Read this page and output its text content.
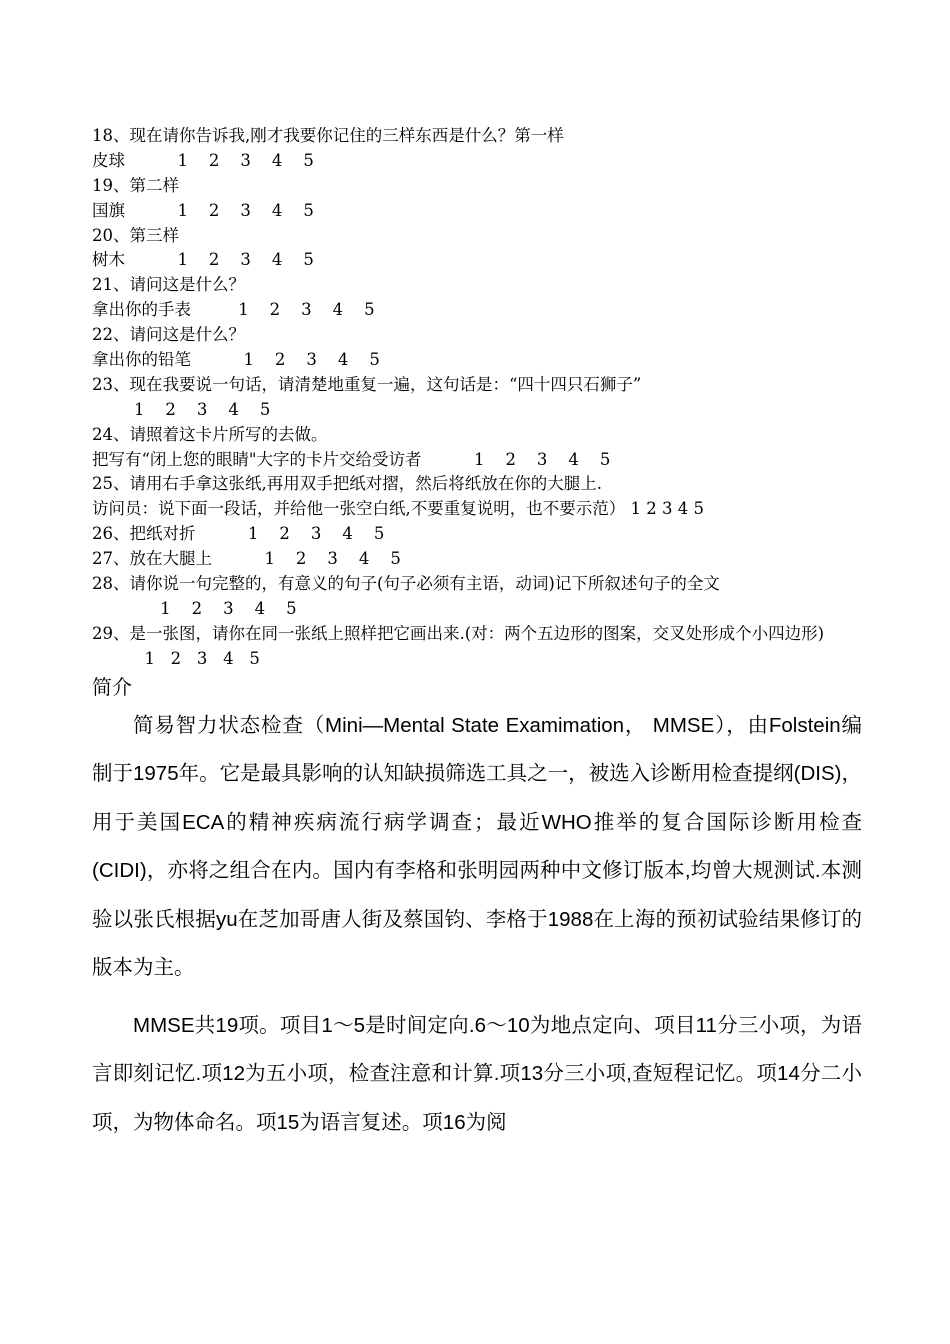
18、现在请你告诉我,刚才我要你记住的三样东西是什么？第一样
皮球          1    2    3    4    5
19、第二样
国旗          1    2    3    4    5
20、第三样
树木          1    2    3    4    5
21、请问这是什么？
拿出你的手表         1    2    3    4    5
22、请问这是什么？
拿出你的铅笔          1    2    3    4    5
23、现在我要说一句话，请清楚地重复一遍，这句话是：“四十四只石狮子”
1    2    3    4    5
24、请照着这卡片所写的去做。
把写有“闭上您的眼睛"大字的卡片交给受访者          1    2    3    4    5
25、请用右手拿这张纸,再用双手把纸对摺，然后将纸放在你的大腿上.
访问员：说下面一段话，并给他一张空白纸,不要重复说明，也不要示范） 1 2 3 4 5
26、把纸对折          1    2    3    4    5
27、放在大腿上          1    2    3    4    5
28、请你说一句完整的，有意义的句子(句子必须有主语，动词)记下所叙述句子的全文
1    2    3    4    5
29、是一张图，请你在同一张纸上照样把它画出来.(对：两个五边形的图案，交叉处形成个小四边形)
1   2   3   4   5
简介

简易智力状态检查（Mini—Mental State Examimation， MMSE），由Folstein编制于1975年。它是最具影响的认知缺损筛选工具之一，被选入诊断用检查提纲(DIS)，用于美国ECA的精神疾病流行病学调查；最近WHO推举的复合国际诊断用检查(CIDI)，亦将之组合在内。国内有李格和张明园两种中文修订版本,均曾大规测试.本测验以张氏根据yu在芝加哥唐人街及蔡国钧、李格于1988在上海的预初试验结果修订的版本为主。

MMSE共19项。项目1～5是时间定向.6～10为地点定向、项目11分三小项，为语言即刻记忆.项12为五小项，检查注意和计算.项13分三小项,查短程记忆。项14分二小项，为物体命名。项15为语言复述。项16为阅
